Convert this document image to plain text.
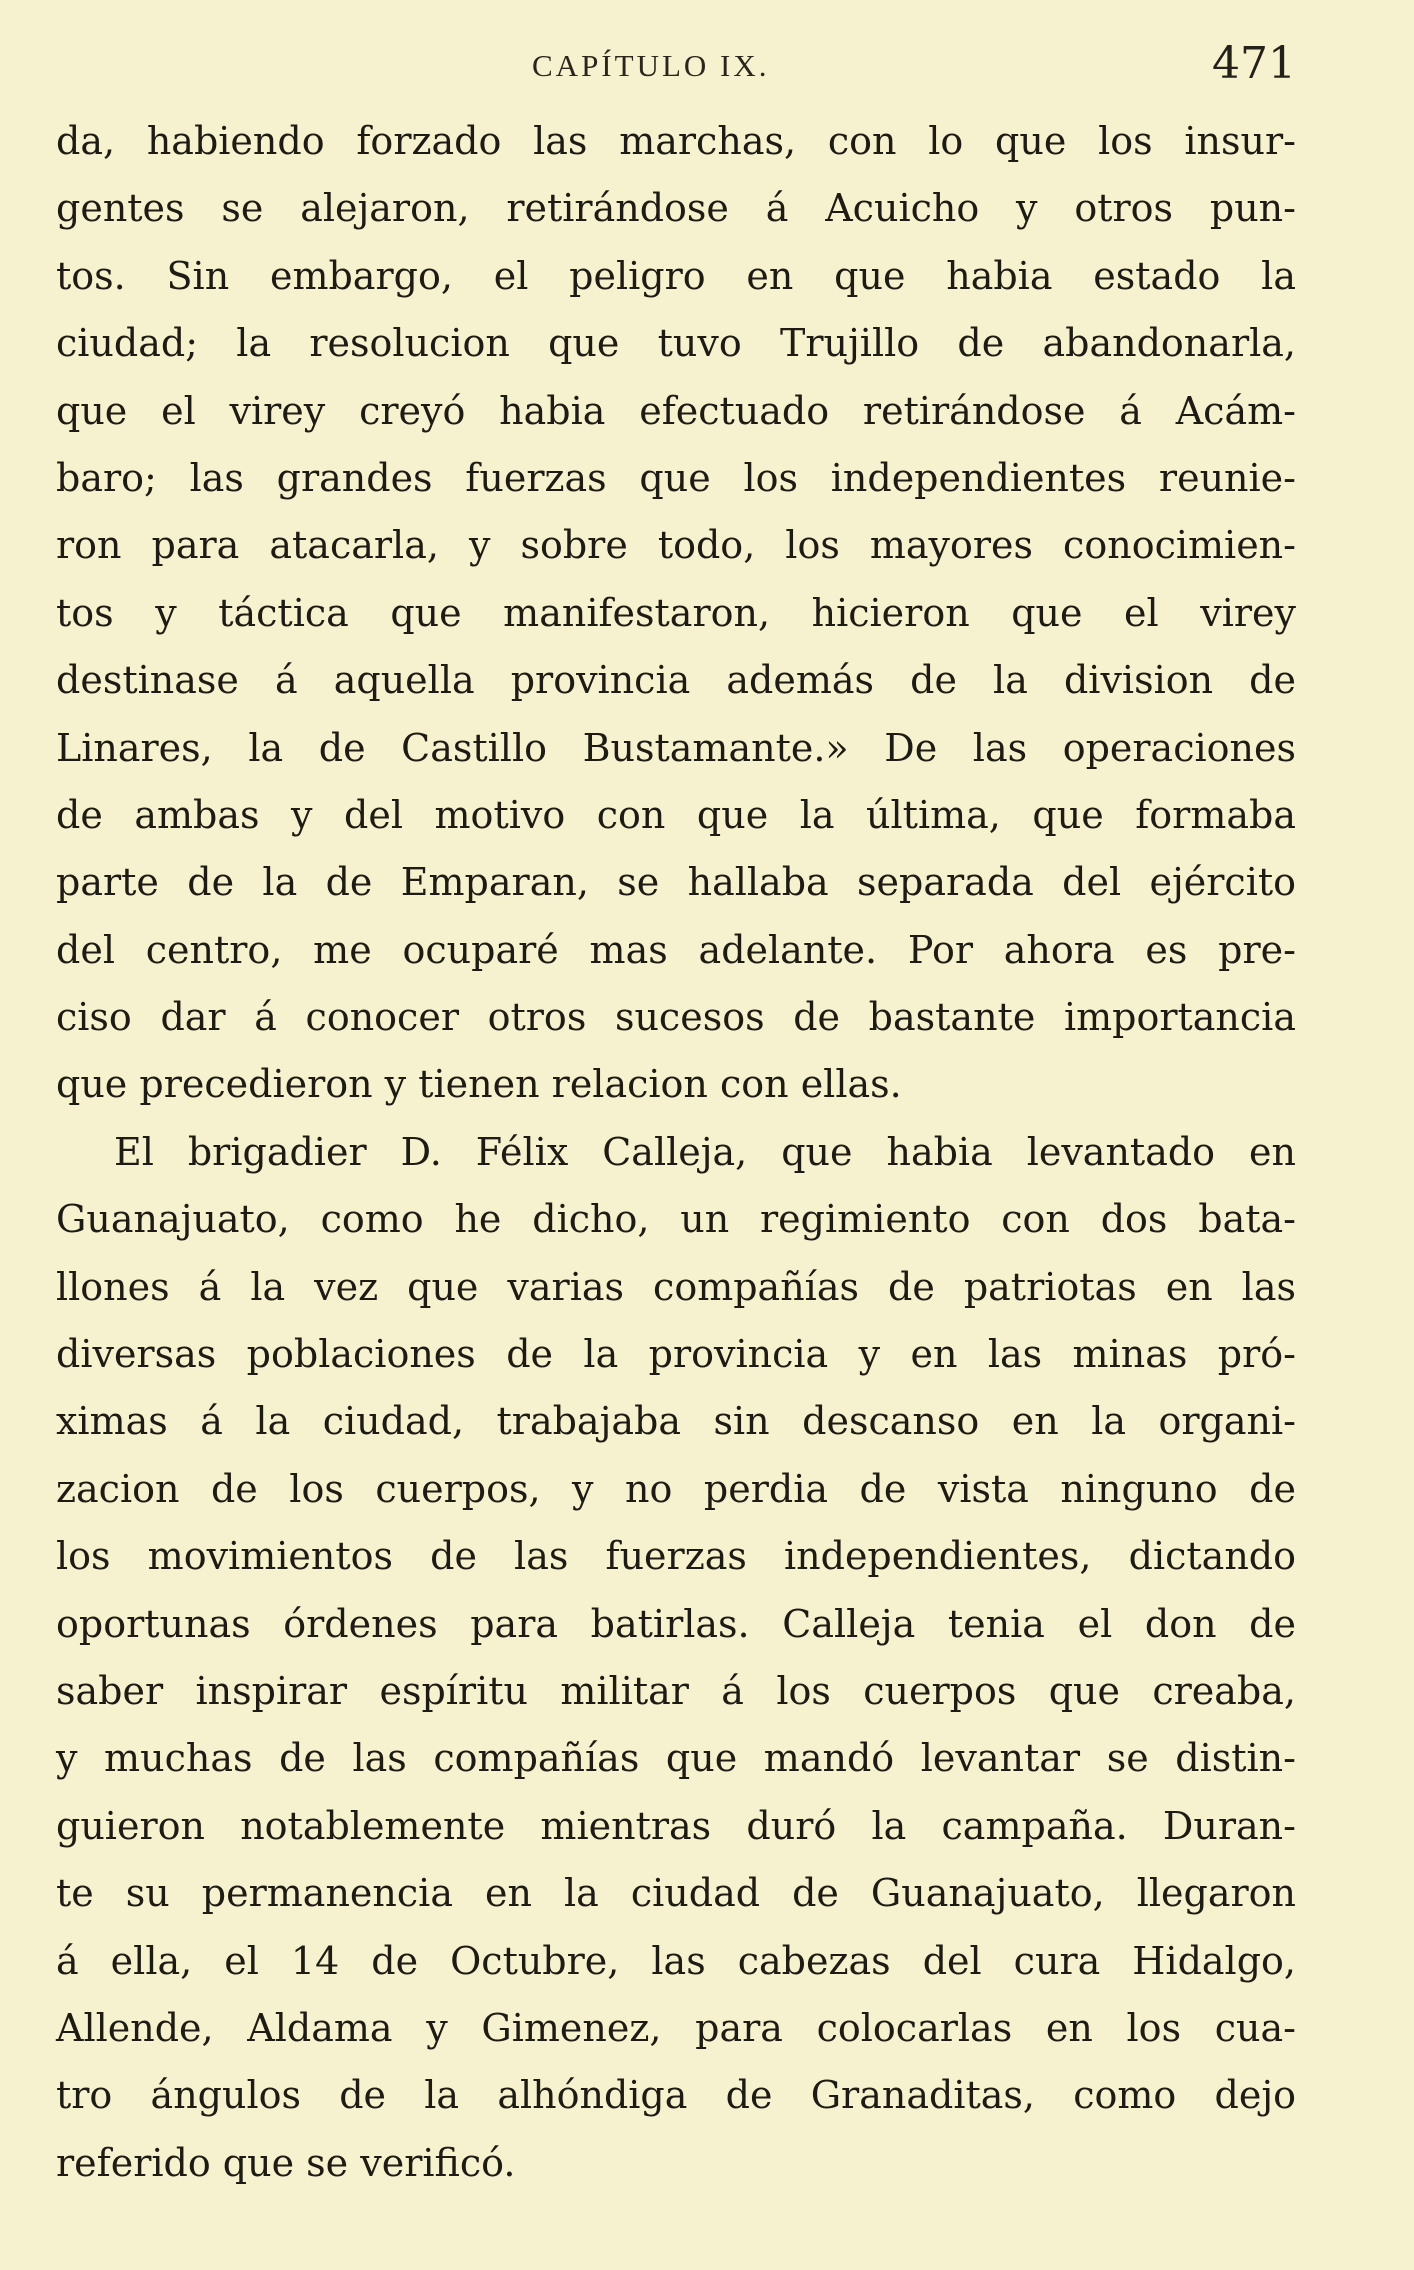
CAPÍTULO IX.	471
da, habiendo forzado las marchas, con lo que los insur-
gentes se alejaron, retirándose á Acuicho y otros pun-
tos. Sin embargo, el peligro en que habia estado la
ciudad; la resolucion que tuvo Trujillo de abandonarla,
que el virey creyó habia efectuado retirándose á Acám-
baro; las grandes fuerzas que los independientes reunie-
ron para atacarla, y sobre todo, los mayores conocimien-
tos y táctica que manifestaron, hicieron que el virey
destinase á aquella provincia además de la division de
Linares, la de Castillo Bustamante.» De las operaciones
de ambas y del motivo con que la última, que formaba
parte de la de Emparan, se hallaba separada del ejército
del centro, me ocuparé mas adelante. Por ahora es pre-
ciso dar á conocer otros sucesos de bastante importancia
que precedieron y tienen relacion con ellas.
El brigadier D. Félix Calleja, que habia levantado en
Guanajuato, como he dicho, un regimiento con dos bata-
llones á la vez que varias compañías de patriotas en las
diversas poblaciones de la provincia y en las minas pró-
ximas á la ciudad, trabajaba sin descanso en la organi-
zacion de los cuerpos, y no perdia de vista ninguno de
los movimientos de las fuerzas independientes, dictando
oportunas órdenes para batirlas. Calleja tenia el don de
saber inspirar espíritu militar á los cuerpos que creaba,
y muchas de las compañías que mandó levantar se distin-
guieron notablemente mientras duró la campaña. Duran-
te su permanencia en la ciudad de Guanajuato, llegaron
á ella, el 14 de Octubre, las cabezas del cura Hidalgo,
Allende, Aldama y Gimenez, para colocarlas en los cua-
tro ángulos de la alhóndiga de Granaditas, como dejo
referido que se verificó.
